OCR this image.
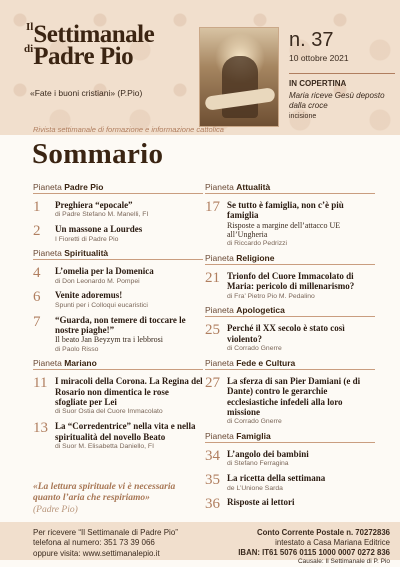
$^{Il}$Settimanale
$^{di}$Padre Pio
«Fate i buoni cristiani» (P.Pio)
n. 37
10 ottobre 2021
IN COPERTINA
Maria riceve Gesù deposto dalla croce
incisione
Rivista settimanale di formazione e informazione cattolica
Sommario
Pianeta Padre Pio
1	Preghiera “epocale”
di Padre Stefano M. Manelli, FI
2	Un massone a Lourdes
I Fioretti di Padre Pio
Pianeta Spiritualità
4	L’omelia per la Domenica
di Don Leonardo M. Pompei
6	Venite adoremus!
Spunti per i Colloqui eucaristici
7	“Guarda, non temere di toccare le nostre piaghe!”
Il beato Jan Beyzym tra i lebbrosi
di Paolo Risso
Pianeta Mariano
11 I miracoli della Corona. La Regina del Rosario non dimentica le rose sfogliate per Lei
di Suor Ostia del Cuore Immacolato
13 La “Corredentrice” nella vita e nella spiritualità del novello Beato
di Suor M. Elisabetta Daniello, FI
Pianeta Attualità
17 Se tutto è famiglia, non c’è più famiglia
Risposte a margine dell’attacco UE all’Ungheria
di Riccardo Pedrizzi
Pianeta Religione
21 Trionfo del Cuore Immacolato di Maria: pericolo di millenarismo?
di Fra’ Pietro Pio M. Pedalino
Pianeta Apologetica
25 Perché il XX secolo è stato così violento?
di Corrado Gnerre
Pianeta Fede e Cultura
27 La sferza di san Pier Damiani (e di Dante) contro le gerarchie ecclesiastiche infedeli alla loro missione
di Corrado Gnerre
Pianeta Famiglia
34 L’angolo dei bambini
di Stefano Ferragina
35 La ricetta della settimana
de L’Unione Sarda
36 Risposte ai lettori
«La lettura spirituale vi è necessaria quanto l’aria che respiriamo»
(Padre Pio)
Per ricevere “Il Settimanale di Padre Pio”
telefona al numero: 351 73 39 066
oppure visita: www.settimanalepio.it
Conto Corrente Postale n. 70272836
intestato a Casa Mariana Editrice
IBAN: IT61 5076 0115 1000 0007 0272 836
Causale: Il Settimanale di P. Pio
